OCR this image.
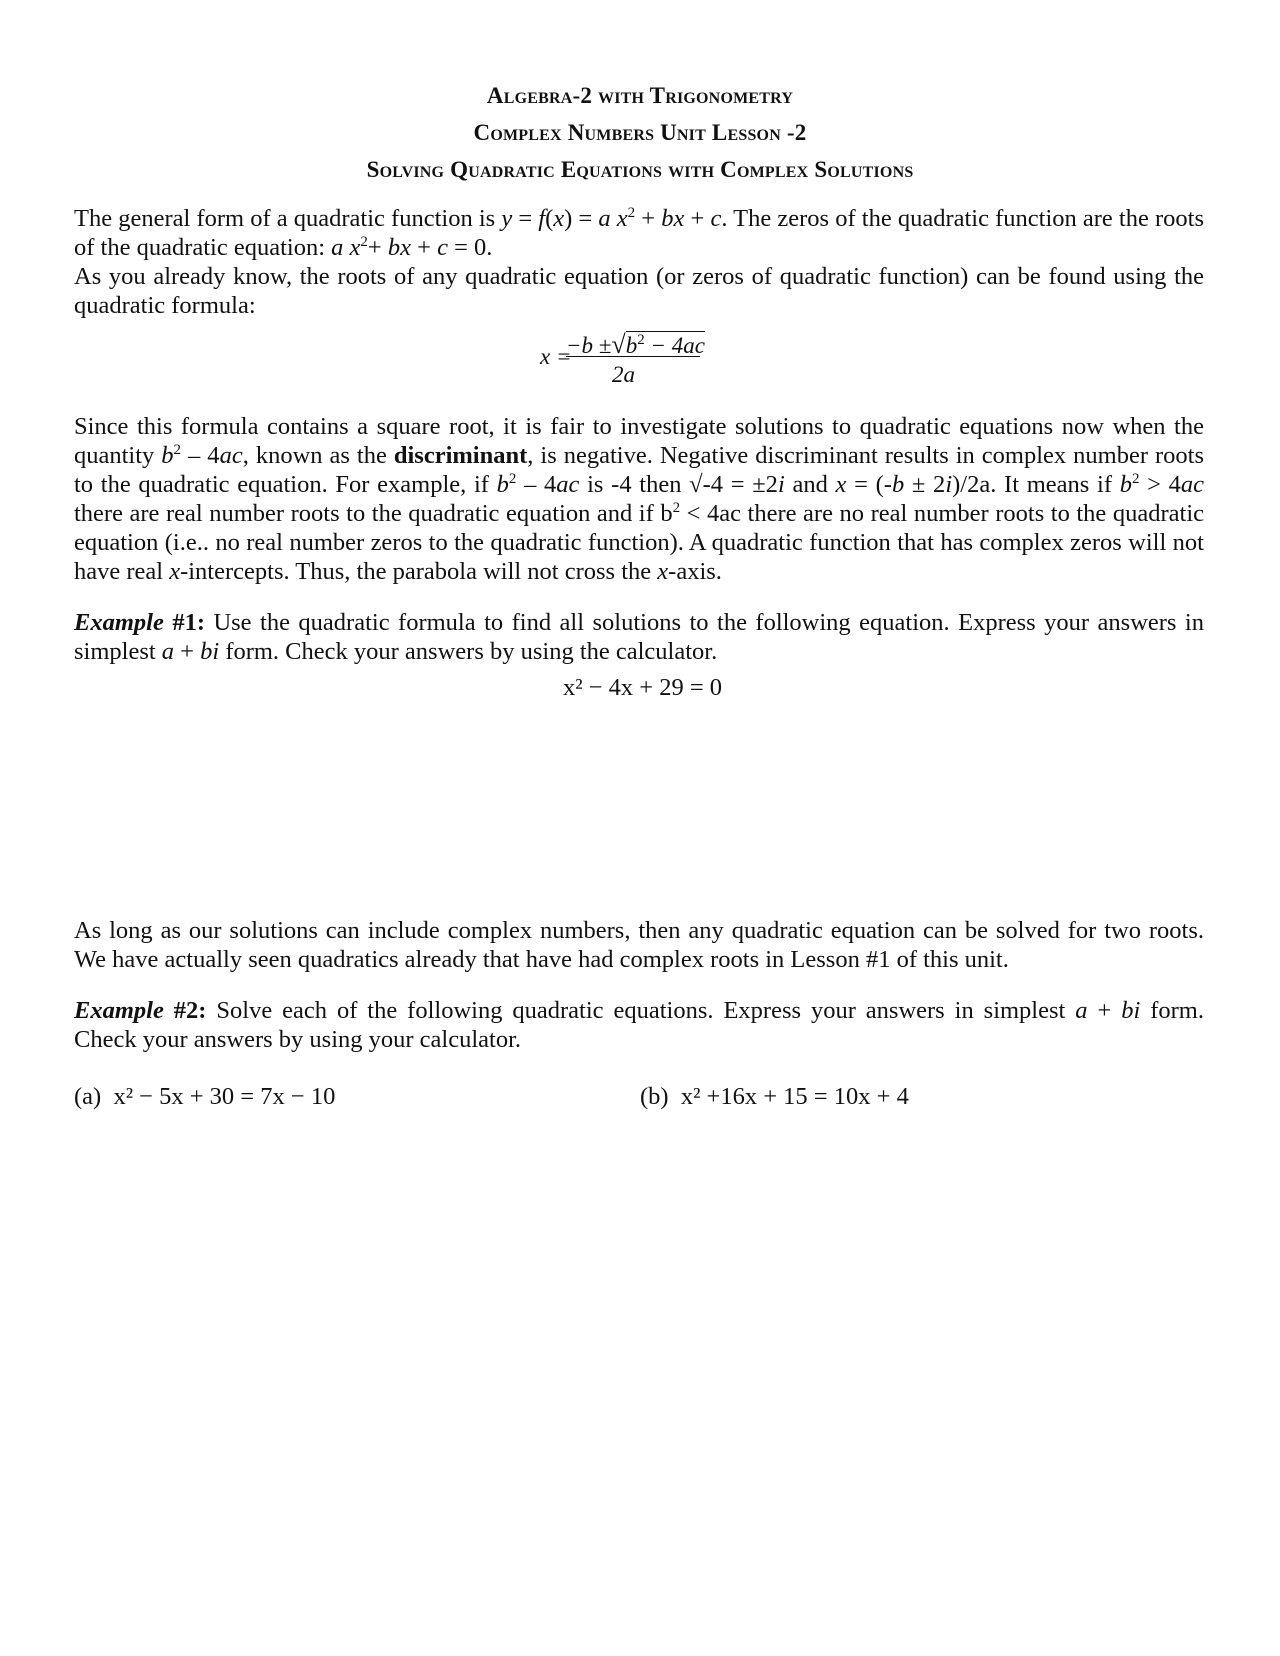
Algebra-2 with Trigonometry
Complex Numbers Unit Lesson -2
Solving Quadratic Equations with Complex Solutions
The general form of a quadratic function is y = f(x) = a $x^2$ + bx + c. The zeros of the quadratic function are the roots of the quadratic equation: a $x^2+$ bx + c = 0.
As you already know, the roots of any quadratic equation (or zeros of quadratic function) can be found using the quadratic formula:
x =
$-b \pm√b^2 - 4ac$
2a
Since this formula contains a square root, it is fair to investigate solutions to quadratic equations now when the quantity $b^2 - 4ac$, known as the discriminant, is negative. Negative discriminant results in complex number roots to the quadratic equation. For example, if $b^2 - 4ac$ is -4 then √-4 = ±2i and x = (-b ± 2i)/2a. It means if $b^2 > 4ac$ there are real number roots to the quadratic equation and if $b^2 < 4ac$ there are no real number roots to the quadratic equation (i.e.. no real number zeros to the quadratic function). A quadratic function that has complex zeros will not have real x-intercepts. Thus, the parabola will not cross the x-axis.
Example #1: Use the quadratic formula to find all solutions to the following equation. Express your answers in simplest a + bi form. Check your answers by using the calculator.
x² − 4x + 29 = 0
As long as our solutions can include complex numbers, then any quadratic equation can be solved for two roots. We have actually seen quadratics already that have had complex roots in Lesson #1 of this unit.
Example #2: Solve each of the following quadratic equations. Express your answers in simplest a + bi form. Check your answers by using your calculator.
(a) x² − 5x + 30 = 7x − 10	(b) x² +16x + 15 = 10x + 4
